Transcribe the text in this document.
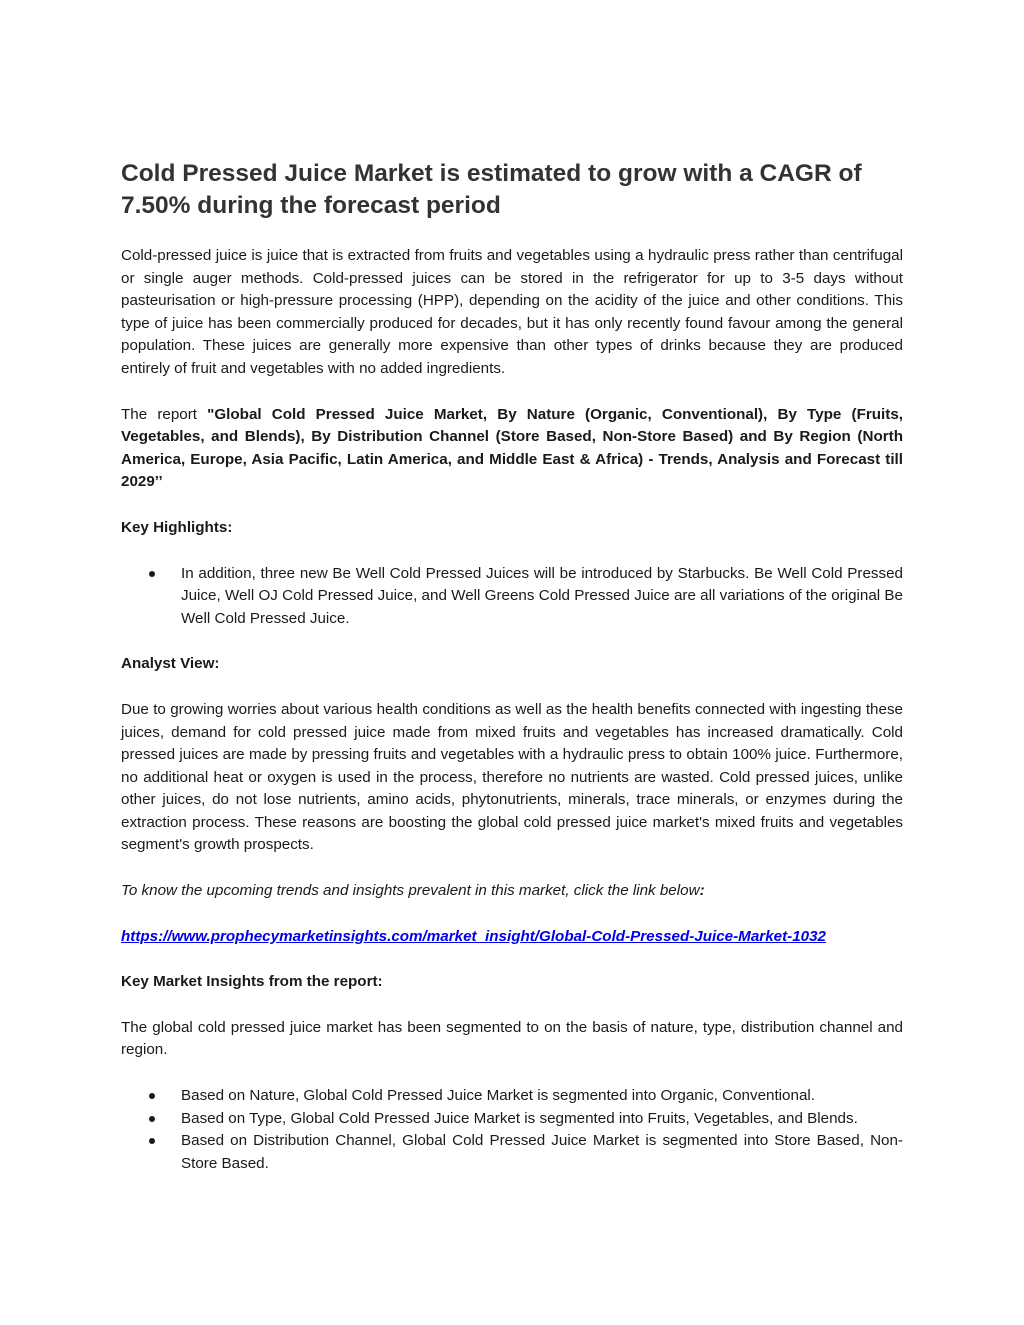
Cold Pressed Juice Market is estimated to grow with a CAGR of 7.50% during the forecast period

Cold-pressed juice is juice that is extracted from fruits and vegetables using a hydraulic press rather than centrifugal or single auger methods. Cold-pressed juices can be stored in the refrigerator for up to 3-5 days without pasteurisation or high-pressure processing (HPP), depending on the acidity of the juice and other conditions. This type of juice has been commercially produced for decades, but it has only recently found favour among the general population. These juices are generally more expensive than other types of drinks because they are produced entirely of fruit and vegetables with no added ingredients.

The report "Global Cold Pressed Juice Market, By Nature (Organic, Conventional), By Type (Fruits, Vegetables, and Blends), By Distribution Channel (Store Based, Non-Store Based) and By Region (North America, Europe, Asia Pacific, Latin America, and Middle East & Africa) - Trends, Analysis and Forecast till 2029’’

Key Highlights:

In addition, three new Be Well Cold Pressed Juices will be introduced by Starbucks. Be Well Cold Pressed Juice, Well OJ Cold Pressed Juice, and Well Greens Cold Pressed Juice are all variations of the original Be Well Cold Pressed Juice.

Analyst View:

Due to growing worries about various health conditions as well as the health benefits connected with ingesting these juices, demand for cold pressed juice made from mixed fruits and vegetables has increased dramatically. Cold pressed juices are made by pressing fruits and vegetables with a hydraulic press to obtain 100% juice. Furthermore, no additional heat or oxygen is used in the process, therefore no nutrients are wasted. Cold pressed juices, unlike other juices, do not lose nutrients, amino acids, phytonutrients, minerals, trace minerals, or enzymes during the extraction process. These reasons are boosting the global cold pressed juice market's mixed fruits and vegetables segment's growth prospects.

To know the upcoming trends and insights prevalent in this market, click the link below:

https://www.prophecymarketinsights.com/market_insight/Global-Cold-Pressed-Juice-Market-1032

Key Market Insights from the report:

The global cold pressed juice market has been segmented to on the basis of nature, type, distribution channel and region.

Based on Nature, Global Cold Pressed Juice Market is segmented into Organic, Conventional.
Based on Type, Global Cold Pressed Juice Market is segmented into Fruits, Vegetables, and Blends.
Based on Distribution Channel, Global Cold Pressed Juice Market is segmented into Store Based, Non-Store Based.
